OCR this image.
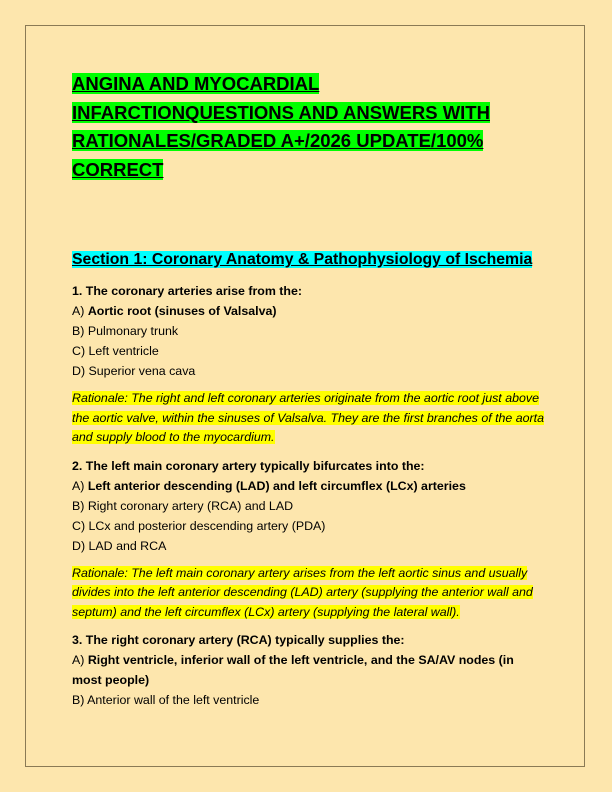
ANGINA AND MYOCARDIAL INFARCTIONQUESTIONS AND ANSWERS WITH RATIONALES/GRADED A+/2026 UPDATE/100% CORRECT
Section 1: Coronary Anatomy & Pathophysiology of Ischemia

1. The coronary arteries arise from the:

A) Aortic root (sinuses of Valsalva)

B) Pulmonary trunk

C) Left ventricle

D) Superior vena cava

Rationale: The right and left coronary arteries originate from the aortic root just above the aortic valve, within the sinuses of Valsalva. They are the first branches of the aorta and supply blood to the myocardium.

2. The left main coronary artery typically bifurcates into the:

A) Left anterior descending (LAD) and left circumflex (LCx) arteries

B) Right coronary artery (RCA) and LAD

C) LCx and posterior descending artery (PDA)

D) LAD and RCA

Rationale: The left main coronary artery arises from the left aortic sinus and usually divides into the left anterior descending (LAD) artery (supplying the anterior wall and septum) and the left circumflex (LCx) artery (supplying the lateral wall).

3. The right coronary artery (RCA) typically supplies the:

A) Right ventricle, inferior wall of the left ventricle, and the SA/AV nodes (in most people)

B) Anterior wall of the left ventricle
